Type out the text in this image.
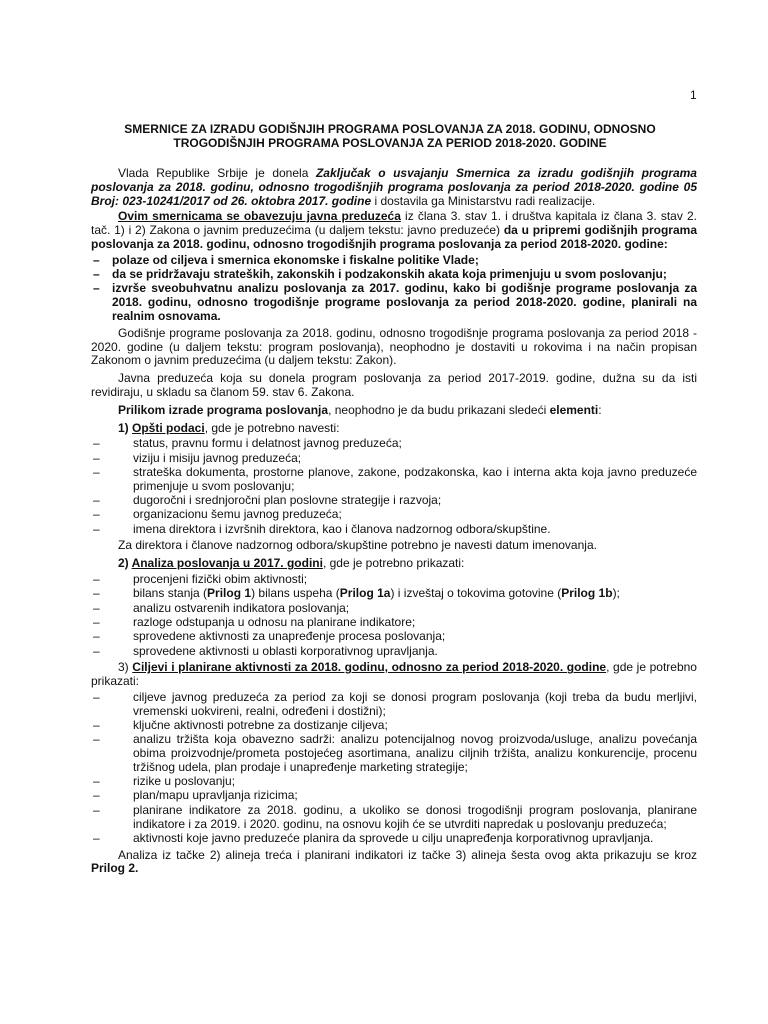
1
SMERNICE ZA IZRADU GODIŠNJIH PROGRAMA POSLOVANJA ZA 2018. GODINU, ODNOSNO
TROGODIŠNJIH PROGRAMA POSLOVANJA ZA PERIOD 2018-2020. GODINE

Vlada Republike Srbije je donela Zaključak o usvajanju Smernica za izradu godišnjih programa poslovanja za 2018. godinu, odnosno trogodišnjih programa poslovanja za period 2018-2020. godine 05 Broj: 023-10241/2017 od 26. oktobra 2017. godine i dostavila ga Ministarstvu radi realizacije.

Ovim smernicama se obavezuju javna preduzeća iz člana 3. stav 1. i društva kapitala iz člana 3. stav 2. tač. 1) i 2) Zakona o javnim preduzećima (u daljem tekstu: javno preduzeće) da u pripremi godišnjih programa poslovanja za 2018. godinu, odnosno trogodišnjih programa poslovanja za period 2018-2020. godine:

– polaze od ciljeva i smernica ekonomske i fiskalne politike Vlade;
– da se pridržavaju strateških, zakonskih i podzakonskih akata koja primenjuju u svom poslovanju;
– izvrše sveobuhvatnu analizu poslovanja za 2017. godinu, kako bi godišnje programe poslovanja za 2018. godinu, odnosno trogodišnje programe poslovanja za period 2018-2020. godine, planirali na realnim osnovama.

Godišnje programe poslovanja za 2018. godinu, odnosno trogodišnje programa poslovanja za period 2018 - 2020. godine (u daljem tekstu: program poslovanja), neophodno je dostaviti u rokovima i na način propisan Zakonom o javnim preduzećima (u daljem tekstu: Zakon).

Javna preduzeća koja su donela program poslovanja za period 2017-2019. godine, dužna su da isti revidiraju, u skladu sa članom 59. stav 6. Zakona.

Prilikom izrade programa poslovanja, neophodno je da budu prikazani sledeći elementi:

1) Opšti podaci, gde je potrebno navesti:

– status, pravnu formu i delatnost javnog preduzeća;
– viziju i misiju javnog preduzeća;
– strateška dokumenta, prostorne planove, zakone, podzakonska, kao i interna akta koja javno preduzeće primenjuje u svom poslovanju;
– dugoročni i srednjoročni plan poslovne strategije i razvoja;
– organizacionu šemu javnog preduzeća;
– imena direktora i izvršnih direktora, kao i članova nadzornog odbora/skupštine.

Za direktora i članove nadzornog odbora/skupštine potrebno je navesti datum imenovanja.

2) Analiza poslovanja u 2017. godini, gde je potrebno prikazati:

– procenjeni fizički obim aktivnosti;
– bilans stanja (Prilog 1) bilans uspeha (Prilog 1a) i izveštaj o tokovima gotovine (Prilog 1b);
– analizu ostvarenih indikatora poslovanja;
– razloge odstupanja u odnosu na planirane indikatore;
– sprovedene aktivnosti za unapređenje procesa poslovanja;
– sprovedene aktivnosti u oblasti korporativnog upravljanja.

3) Ciljevi i planirane aktivnosti za 2018. godinu, odnosno za period 2018-2020. godine, gde je potrebno prikazati:

– ciljeve javnog preduzeća za period za koji se donosi program poslovanja (koji treba da budu merljivi, vremenski uokvireni, realni, određeni i dostižni);
– ključne aktivnosti potrebne za dostizanje ciljeva;
– analizu tržišta koja obavezno sadrži: analizu potencijalnog novog proizvoda/usluge, analizu povećanja obima proizvodnje/prometa postojećeg asortimana, analizu ciljnih tržišta, analizu konkurencije, procenu tržišnog udela, plan prodaje i unapređenje marketing strategije;
– rizike u poslovanju;
– plan/mapu upravljanja rizicima;
– planirane indikatore za 2018. godinu, a ukoliko se donosi trogodišnji program poslovanja, planirane indikatore i za 2019. i 2020. godinu, na osnovu kojih će se utvrditi napredak u poslovanju preduzeća;
– aktivnosti koje javno preduzeće planira da sprovede u cilju unapređenja korporativnog upravljanja.

Analiza iz tačke 2) alineja treća i planirani indikatori iz tačke 3) alineja šesta ovog akta prikazuju se kroz Prilog 2.
